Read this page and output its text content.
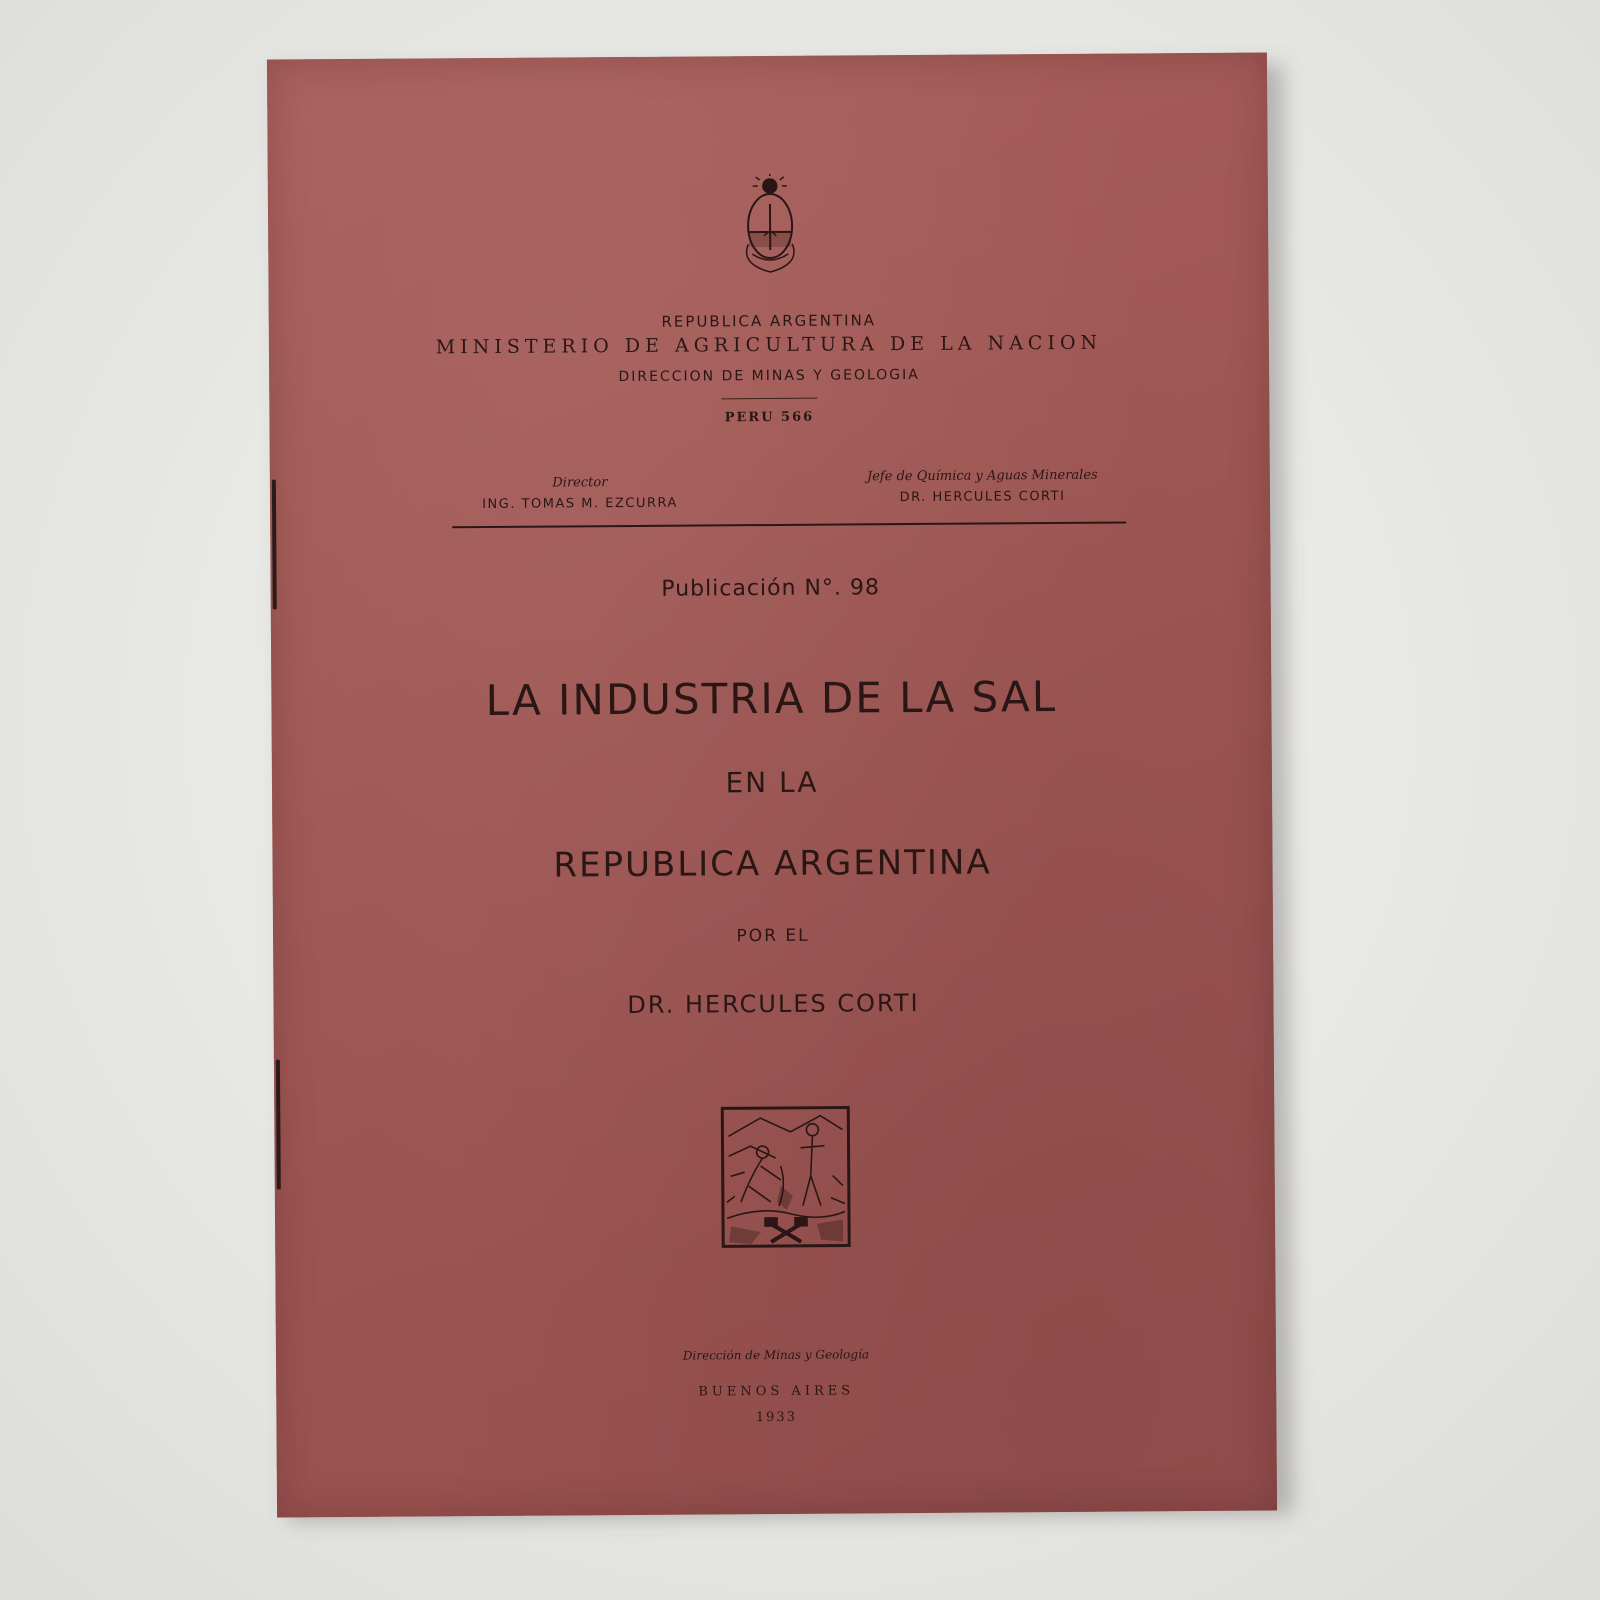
REPUBLICA ARGENTINA
MINISTERIO DE AGRICULTURA DE LA NACION
DIRECCION DE MINAS Y GEOLOGIA
PERU 566
Director
ING. TOMAS M. EZCURRA
Jefe de Química y Aguas Minerales
DR. HERCULES CORTI
Publicación N°. 98
LA INDUSTRIA DE LA SAL
EN LA
REPUBLICA ARGENTINA
POR EL
DR. HERCULES CORTI
Dirección de Minas y Geología
BUENOS AIRES
1933
